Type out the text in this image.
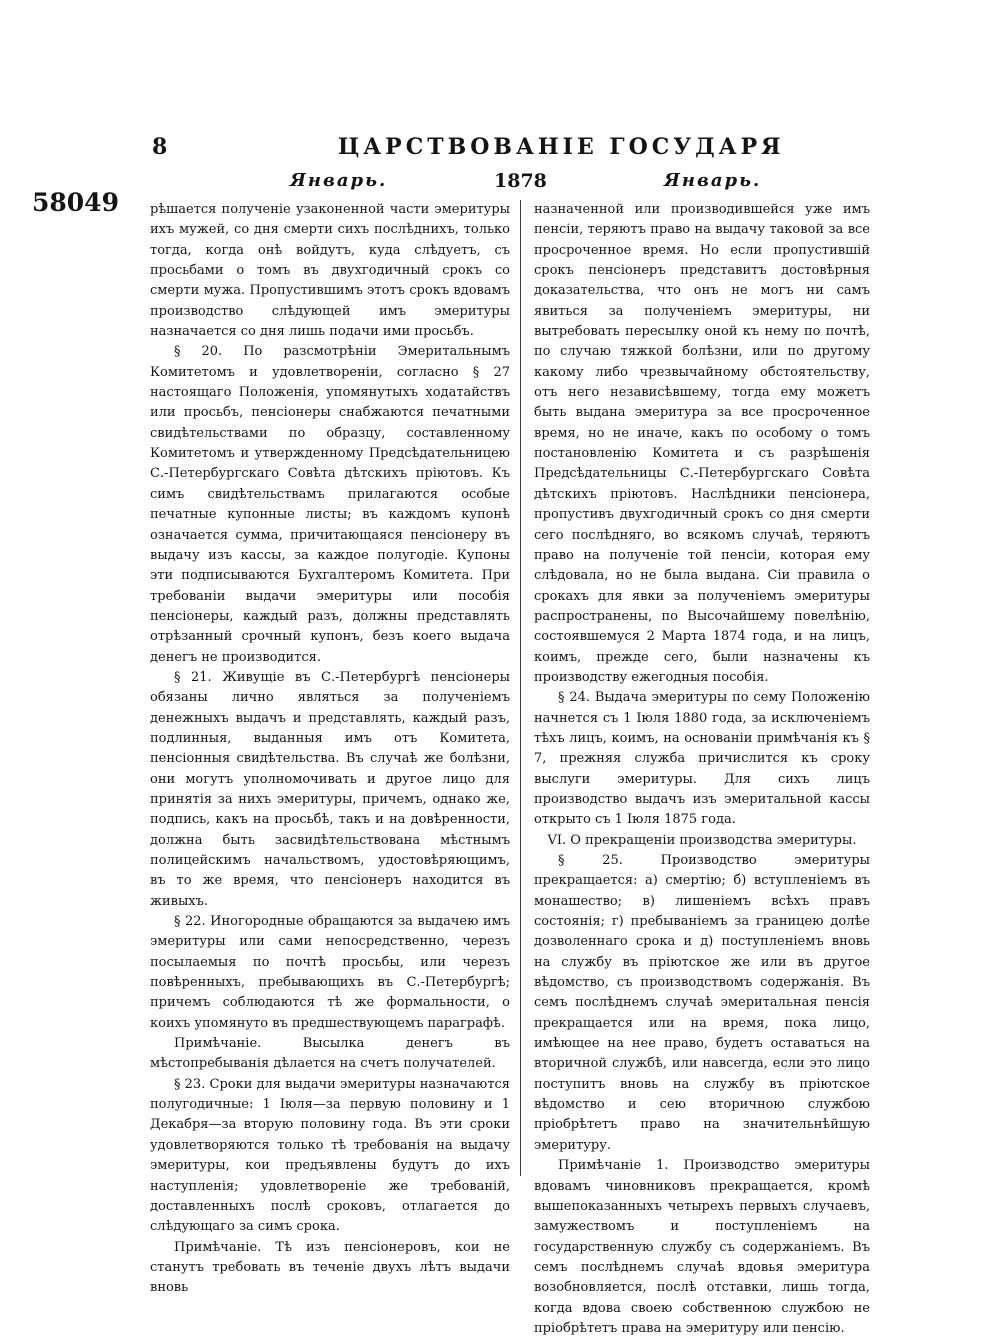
8	ЦАРСТВОВАНІЕ ГОСУДАРЯ
Январь.	1878	Январь.
58049 рѣшается полученіе узаконенной части эмеритуры ихъ мужей, со дня смерти сихъ послѣднихъ, только тогда, когда онѣ войдутъ, куда слѣдуетъ, съ просьбами о томъ въ двухгодичный срокъ со смерти мужа. Пропустившимъ этотъ срокъ вдовамъ производство слѣдующей имъ эмеритуры назначается со дня лишь подачи ими просьбъ.

§ 20. По разсмотрѣніи Эмеритальнымъ Комитетомъ и удовлетвореніи, согласно § 27 настоящаго Положенія, упомянутыхъ ходатайствъ или просьбъ, пенсіонеры снабжаются печатными свидѣтельствами по образцу, составленному Комитетомъ и утвержденному Предсѣдательницею С.-Петербургскаго Совѣта дѣтскихъ пріютовъ. Къ симъ свидѣтельствамъ прилагаются особые печатные купонные листы; въ каждомъ купонѣ означается сумма, причитающаяся пенсіонеру въ выдачу изъ кассы, за каждое полугодіе. Купоны эти подписываются Бухгалтеромъ Комитета. При требованіи выдачи эмеритуры или пособія пенсіонеры, каждый разъ, должны представлять отрѣзанный срочный купонъ, безъ коего выдача денегъ не производится.

§ 21. Живущіе въ С.-Петербургѣ пенсіонеры обязаны лично являться за полученіемъ денежныхъ выдачъ и представлять, каждый разъ, подлинныя, выданныя имъ отъ Комитета, пенсіонныя свидѣтельства. Въ случаѣ же болѣзни, они могутъ уполномочивать и другое лицо для принятія за нихъ эмеритуры, причемъ, однако же, подпись, какъ на просьбѣ, такъ и на довѣренности, должна быть засвидѣтельствована мѣстнымъ полицейскимъ начальствомъ, удостовѣряющимъ, въ то же время, что пенсіонеръ находится въ живыхъ.

§ 22. Иногородные обращаются за выдачею имъ эмеритуры или сами непосредственно, черезъ посылаемыя по почтѣ просьбы, или черезъ повѣренныхъ, пребывающихъ въ С.-Петербургѣ; причемъ соблюдаются тѣ же формальности, о коихъ упомянуто въ предшествующемъ параграфѣ.

Примѣчаніе. Высылка денегъ въ мѣстопребыванія дѣлается на счетъ получателей.

§ 23. Сроки для выдачи эмеритуры назначаются полугодичные: 1 Іюля—за первую половину и 1 Декабря—за вторую половину года. Въ эти сроки удовлетворяются только тѣ требованія на выдачу эмеритуры, кои предъявлены будутъ до ихъ наступленія; удовлетвореніе же требованій, доставленныхъ послѣ сроковъ, отлагается до слѣдующаго за симъ срока.

Примѣчаніе. Тѣ изъ пенсіонеровъ, кои не станутъ требовать въ теченіе двухъ лѣтъ выдачи вновь

назначенной или производившейся уже имъ пенсіи, теряютъ право на выдачу таковой за все просроченное время. Но если пропустившій срокъ пенсіонеръ представитъ достовѣрныя доказательства, что онъ не могъ ни самъ явиться за полученіемъ эмеритуры, ни вытребовать пересылку оной къ нему по почтѣ, по случаю тяжкой болѣзни, или по другому какому либо чрезвычайному обстоятельству, отъ него независѣвшему, тогда ему можетъ быть выдана эмеритура за все просроченное время, но не иначе, какъ по особому о томъ постановленію Комитета и съ разрѣшенія Предсѣдательницы С.-Петербургскаго Совѣта дѣтскихъ пріютовъ. Наслѣдники пенсіонера, пропустивъ двухгодичный срокъ со дня смерти сего послѣдняго, во всякомъ случаѣ, теряютъ право на полученіе той пенсіи, которая ему слѣдовала, но не была выдана. Сіи правила о срокахъ для явки за полученіемъ эмеритуры распространены, по Высочайшему повелѣнію, состоявшемуся 2 Марта 1874 года, и на лицъ, коимъ, прежде сего, были назначены къ производству ежегодныя пособія.

§ 24. Выдача эмеритуры по сему Положенію начнется съ 1 Іюля 1880 года, за исключеніемъ тѣхъ лицъ, коимъ, на основаніи примѣчанія къ § 7, прежняя служба причислится къ сроку выслуги эмеритуры. Для сихъ лицъ производство выдачъ изъ эмеритальной кассы открыто съ 1 Іюля 1875 года.

VI. О прекращеніи производства эмеритуры.

§ 25. Производство эмеритуры прекращается: а) смертію; б) вступленіемъ въ монашество; в) лишеніемъ всѣхъ правъ состоянія; г) пребываніемъ за границею долѣе дозволеннаго срока и д) поступленіемъ вновь на службу въ пріютское же или въ другое вѣдомство, съ производствомъ содержанія. Въ семъ послѣднемъ случаѣ эмеритальная пенсія прекращается или на время, пока лицо, имѣющее на нее право, будетъ оставаться на вторичной службѣ, или навсегда, если это лицо поступитъ вновь на службу въ пріютское вѣдомство и сею вторичною службою пріобрѣтетъ право на значительнѣйшую эмеритуру.

Примѣчаніе 1. Производство эмеритуры вдовамъ чиновниковъ прекращается, кромѣ вышепоказанныхъ четырехъ первыхъ случаевъ, замужествомъ и поступленіемъ на государственную службу съ содержаніемъ. Въ семъ послѣднемъ случаѣ вдовья эмеритура возобновляется, послѣ отставки, лишь тогда, когда вдова своею собственною службою не пріобрѣтетъ права на эмеритуру или пенсію.
